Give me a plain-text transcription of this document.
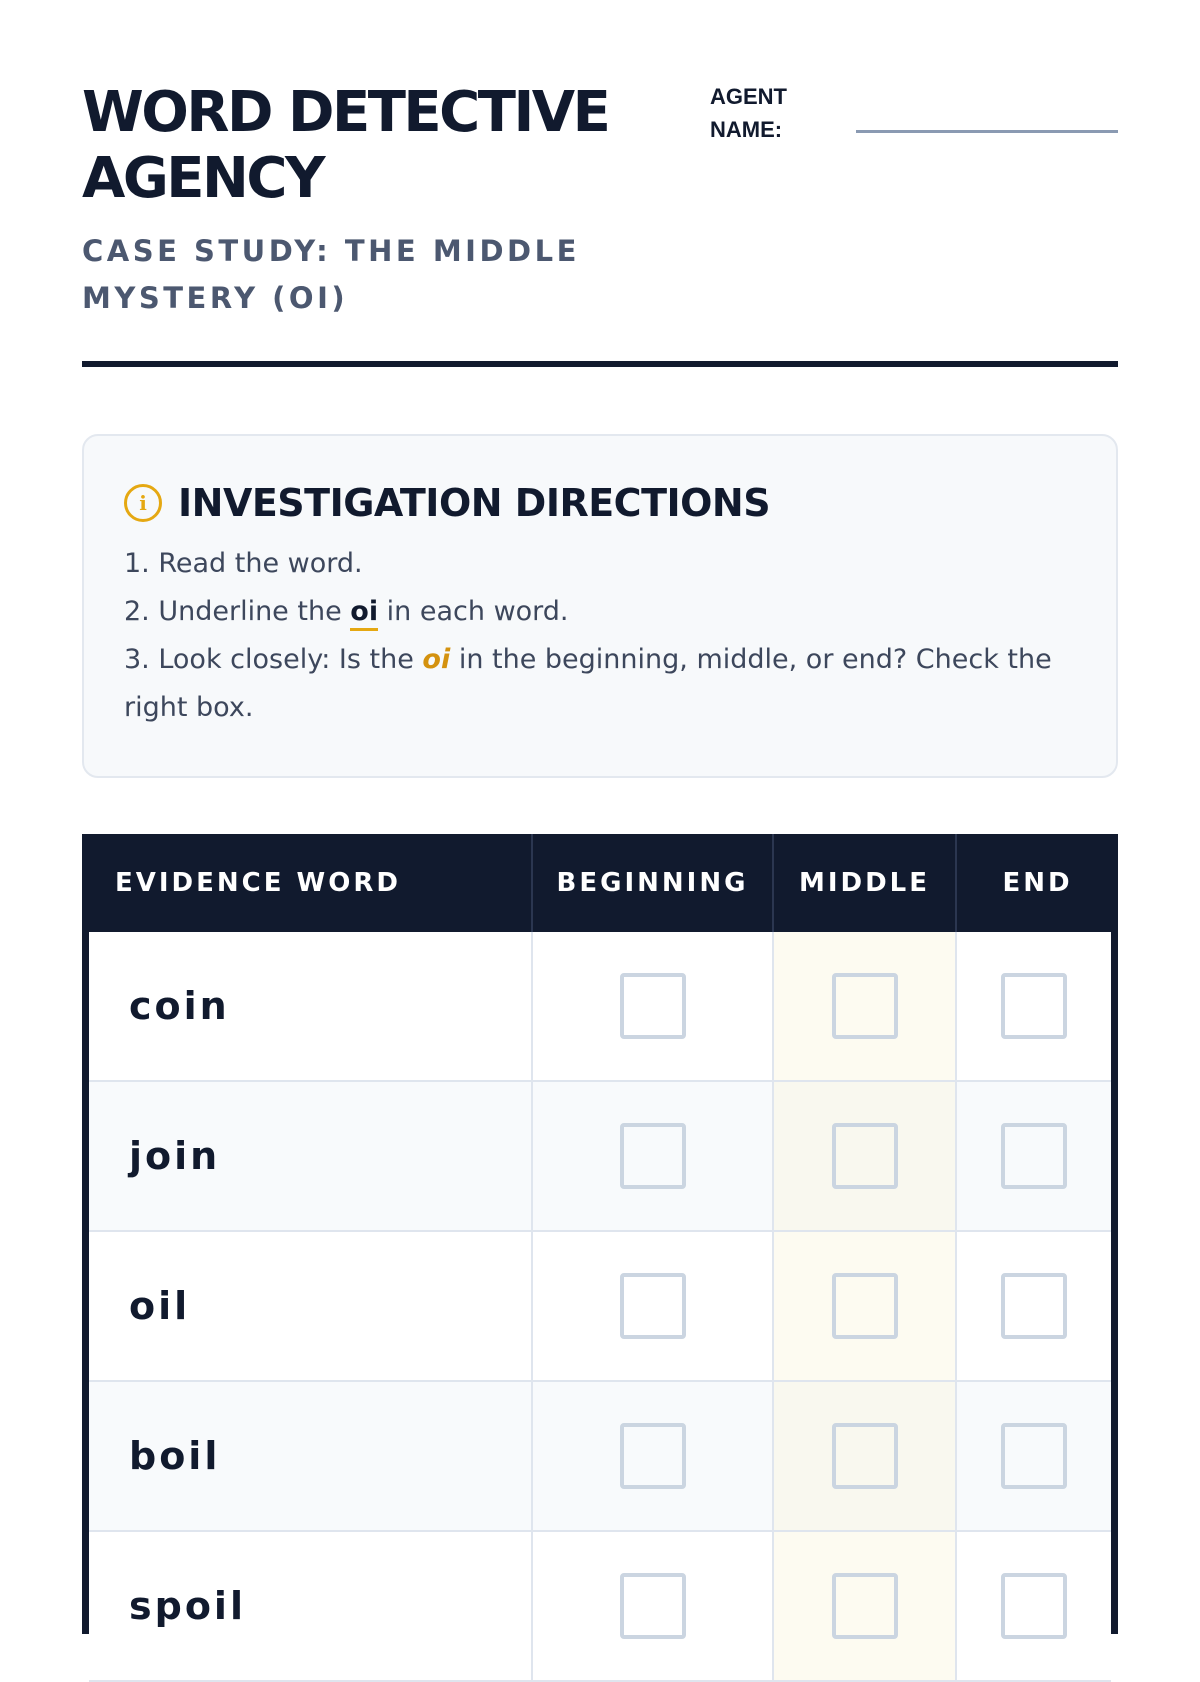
WORD DETECTIVE AGENCY
CASE STUDY: THE MIDDLE MYSTERY (OI)
AGENT NAME:
i INVESTIGATION DIRECTIONS
1. Read the word.
2. Underline the oi in each word.
3. Look closely: Is the oi in the beginning, middle, or end? Check the right box.
EVIDENCE WORD	BEGINNING	MIDDLE	END
coin
join
oil
boil
spoil
